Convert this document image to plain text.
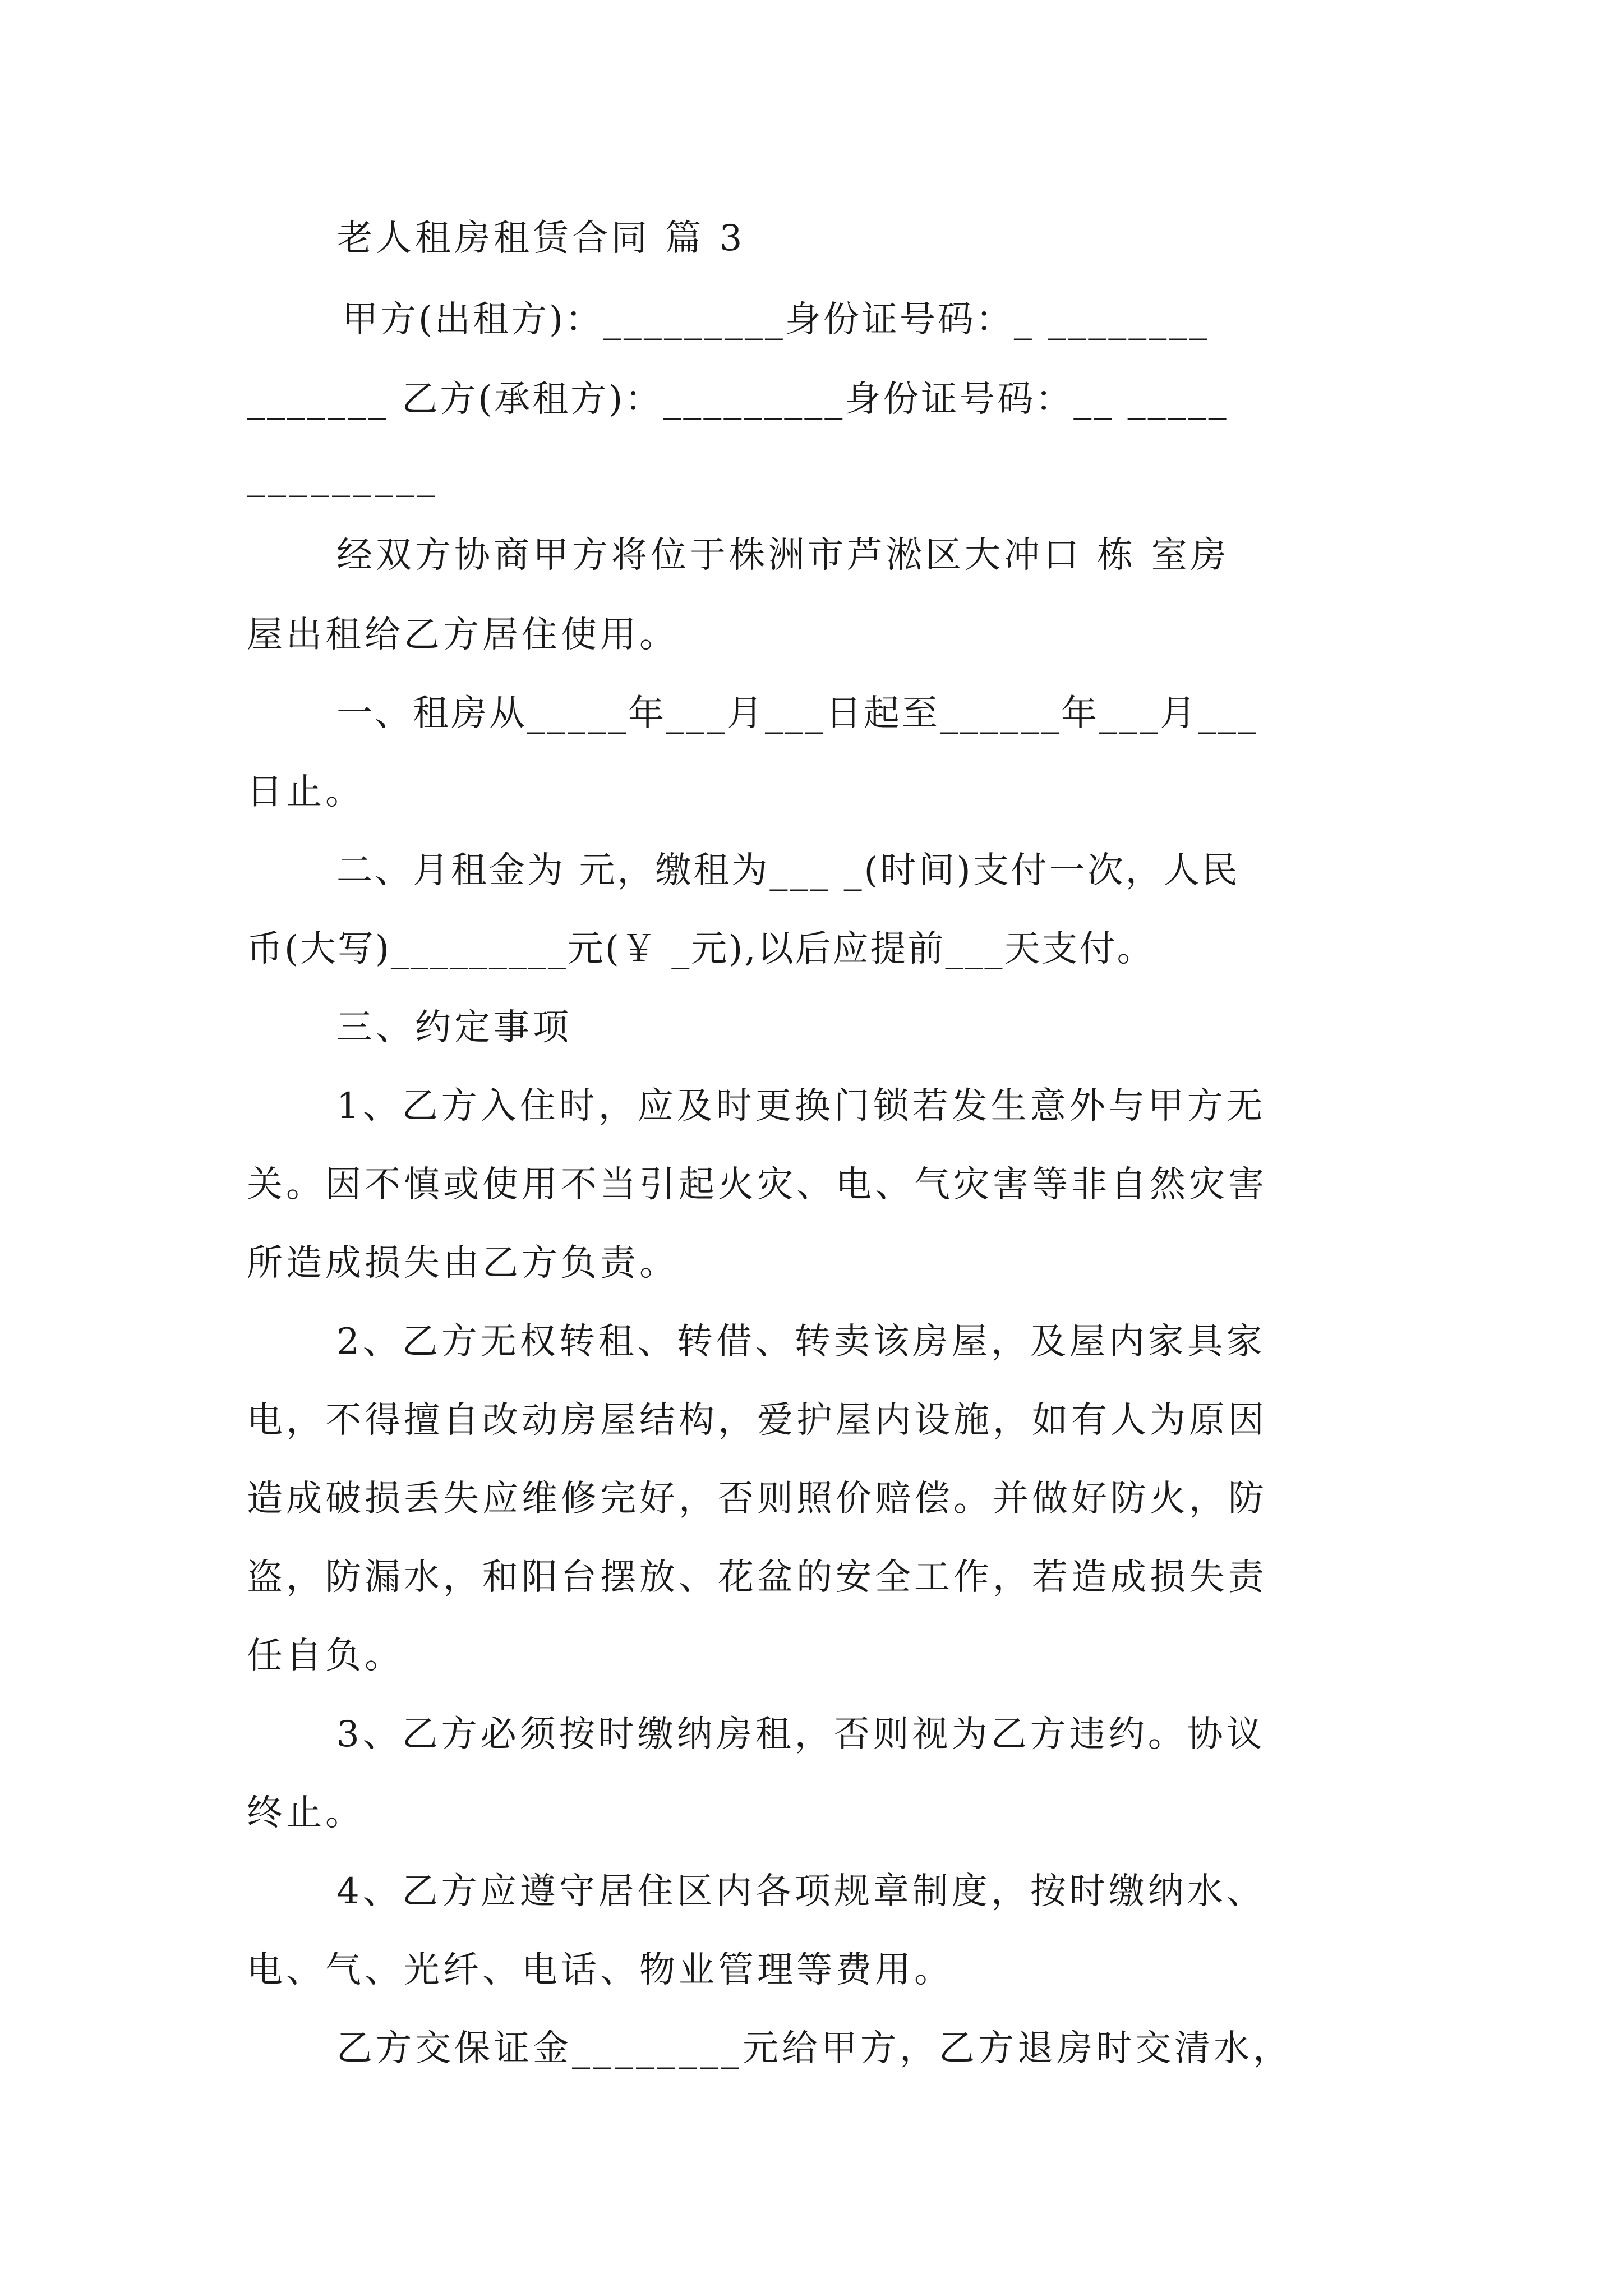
老人租房租赁合同 篇 3
甲方(出租方)：_________身份证号码：_ ________
_______ 乙方(承租方)：_________身份证号码：__ _____
_________
经双方协商甲方将位于株洲市芦淞区大冲口 栋 室房
屋出租给乙方居住使用。
一、租房从_____年___月___日起至______年___月___
日止。
二、月租金为 元，缴租为___ _(时间)支付一次，人民
币(大写)_________元(￥ _元),以后应提前___天支付。
三、约定事项
1、乙方入住时，应及时更换门锁若发生意外与甲方无
关。因不慎或使用不当引起火灾、电、气灾害等非自然灾害
所造成损失由乙方负责。
2、乙方无权转租、转借、转卖该房屋，及屋内家具家
电，不得擅自改动房屋结构，爱护屋内设施，如有人为原因
造成破损丢失应维修完好，否则照价赔偿。并做好防火，防
盗，防漏水，和阳台摆放、花盆的安全工作，若造成损失责
任自负。
3、乙方必须按时缴纳房租，否则视为乙方违约。协议
终止。
4、乙方应遵守居住区内各项规章制度，按时缴纳水、
电、气、光纤、电话、物业管理等费用。
乙方交保证金________元给甲方，乙方退房时交清水，
